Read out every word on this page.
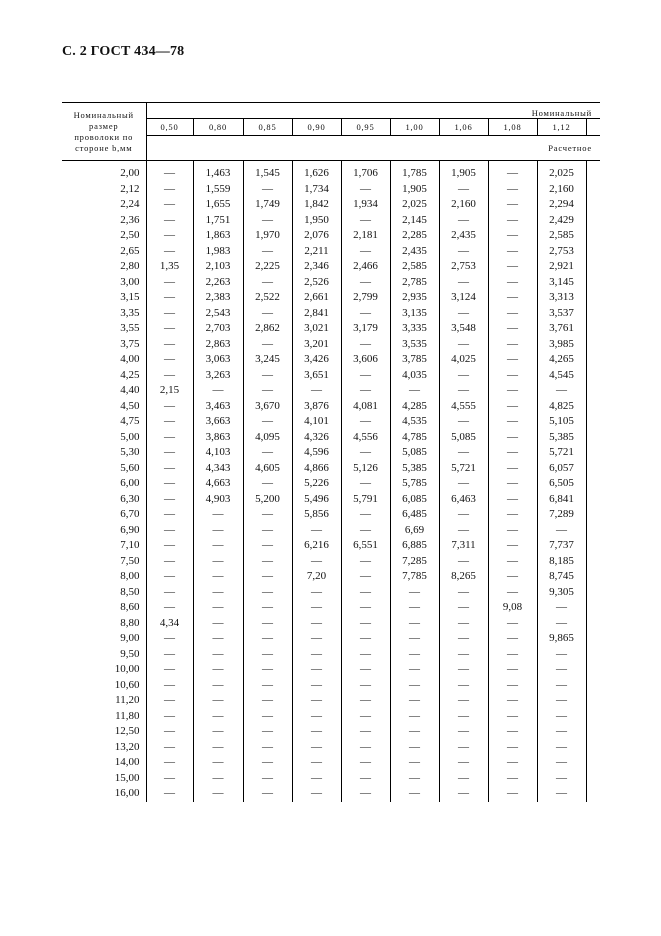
С. 2 ГОСТ 434—78
Номинальный
размер
проволоки по
стороне b,мм	Номинальный									
	0,50	0,80	0,85	0,90	0,95	1,00	1,06	1,08	1,12	
	Расчетное									
2,00	—	1,463	1,545	1,626	1,706	1,785	1,905	—	2,025	
2,12	—	1,559	—	1,734	—	1,905	—	—	2,160	
2,24	—	1,655	1,749	1,842	1,934	2,025	2,160	—	2,294	
2,36	—	1,751	—	1,950	—	2,145	—	—	2,429	
2,50	—	1,863	1,970	2,076	2,181	2,285	2,435	—	2,585	
2,65	—	1,983	—	2,211	—	2,435	—	—	2,753	
2,80	1,35	2,103	2,225	2,346	2,466	2,585	2,753	—	2,921	
3,00	—	2,263	—	2,526	—	2,785	—	—	3,145	
3,15	—	2,383	2,522	2,661	2,799	2,935	3,124	—	3,313	
3,35	—	2,543	—	2,841	—	3,135	—	—	3,537	
3,55	—	2,703	2,862	3,021	3,179	3,335	3,548	—	3,761	
3,75	—	2,863	—	3,201	—	3,535	—	—	3,985	
4,00	—	3,063	3,245	3,426	3,606	3,785	4,025	—	4,265	
4,25	—	3,263	—	3,651	—	4,035	—	—	4,545	
4,40	2,15	—	—	—	—	—	—	—	—	
4,50	—	3,463	3,670	3,876	4,081	4,285	4,555	—	4,825	
4,75	—	3,663	—	4,101	—	4,535	—	—	5,105	
5,00	—	3,863	4,095	4,326	4,556	4,785	5,085	—	5,385	
5,30	—	4,103	—	4,596	—	5,085	—	—	5,721	
5,60	—	4,343	4,605	4,866	5,126	5,385	5,721	—	6,057	
6,00	—	4,663	—	5,226	—	5,785	—	—	6,505	
6,30	—	4,903	5,200	5,496	5,791	6,085	6,463	—	6,841	
6,70	—	—	—	5,856	—	6,485	—	—	7,289	
6,90	—	—	—	—	—	6,69	—	—	—	
7,10	—	—	—	6,216	6,551	6,885	7,311	—	7,737	
7,50	—	—	—	—	—	7,285	—	—	8,185	
8,00	—	—	—	7,20	—	7,785	8,265	—	8,745	
8,50	—	—	—	—	—	—	—	—	9,305	
8,60	—	—	—	—	—	—	—	9,08	—	
8,80	4,34	—	—	—	—	—	—	—	—	
9,00	—	—	—	—	—	—	—	—	9,865	
9,50	—	—	—	—	—	—	—	—	—	
10,00	—	—	—	—	—	—	—	—	—	
10,60	—	—	—	—	—	—	—	—	—	
11,20	—	—	—	—	—	—	—	—	—	
11,80	—	—	—	—	—	—	—	—	—	
12,50	—	—	—	—	—	—	—	—	—	
13,20	—	—	—	—	—	—	—	—	—	
14,00	—	—	—	—	—	—	—	—	—	
15,00	—	—	—	—	—	—	—	—	—	
16,00	—	—	—	—	—	—	—	—	—	
